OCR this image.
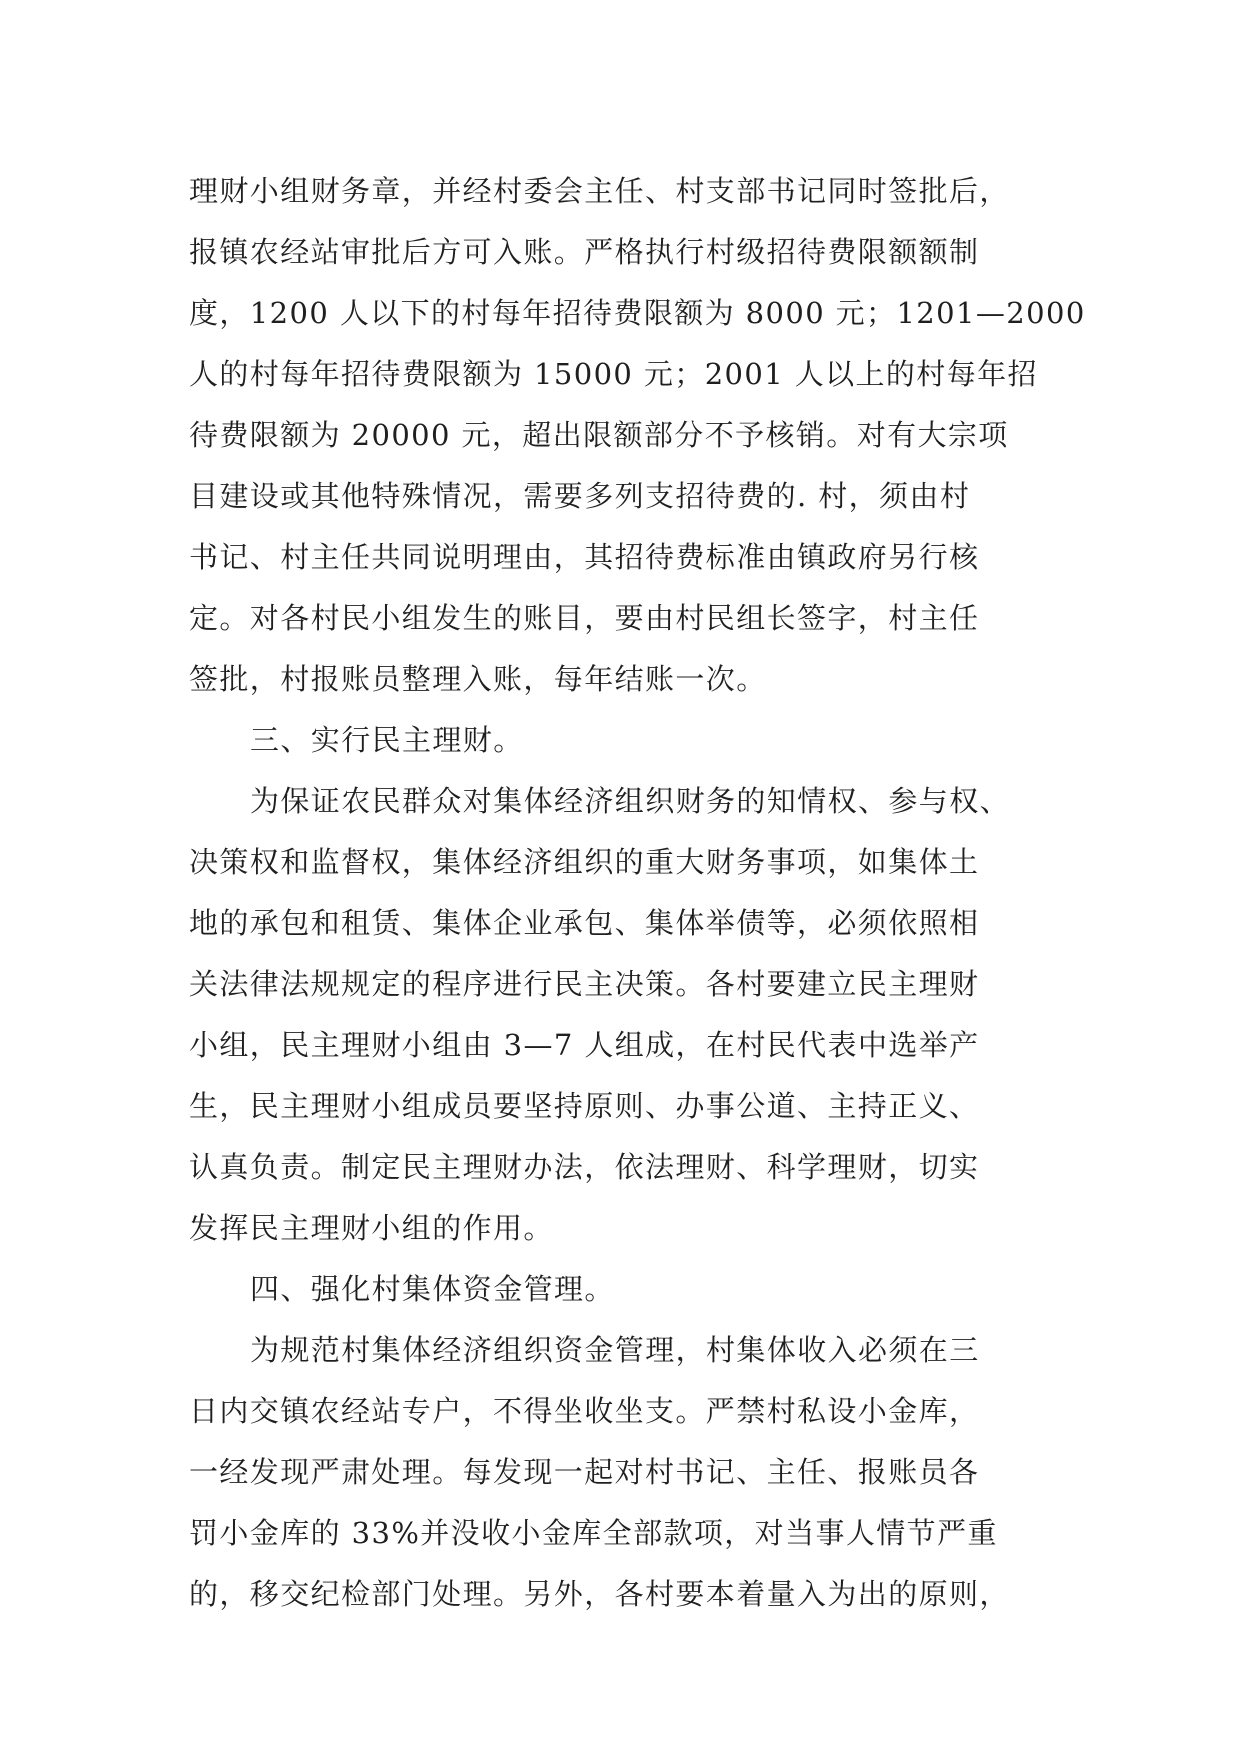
理财小组财务章，并经村委会主任、村支部书记同时签批后，
报镇农经站审批后方可入账。严格执行村级招待费限额额制
度，1200 人以下的村每年招待费限额为 8000 元；1201—2000
人的村每年招待费限额为 15000 元；2001 人以上的村每年招
待费限额为 20000 元，超出限额部分不予核销。对有大宗项
目建设或其他特殊情况，需要多列支招待费的. 村，须由村
书记、村主任共同说明理由，其招待费标准由镇政府另行核
定。对各村民小组发生的账目，要由村民组长签字，村主任
签批，村报账员整理入账，每年结账一次。
三、实行民主理财。
为保证农民群众对集体经济组织财务的知情权、参与权、
决策权和监督权，集体经济组织的重大财务事项，如集体土
地的承包和租赁、集体企业承包、集体举债等，必须依照相
关法律法规规定的程序进行民主决策。各村要建立民主理财
小组，民主理财小组由 3—7 人组成，在村民代表中选举产
生，民主理财小组成员要坚持原则、办事公道、主持正义、
认真负责。制定民主理财办法，依法理财、科学理财，切实
发挥民主理财小组的作用。
四、强化村集体资金管理。
为规范村集体经济组织资金管理，村集体收入必须在三
日内交镇农经站专户，不得坐收坐支。严禁村私设小金库，
一经发现严肃处理。每发现一起对村书记、主任、报账员各
罚小金库的 33%并没收小金库全部款项，对当事人情节严重
的，移交纪检部门处理。另外，各村要本着量入为出的原则，
